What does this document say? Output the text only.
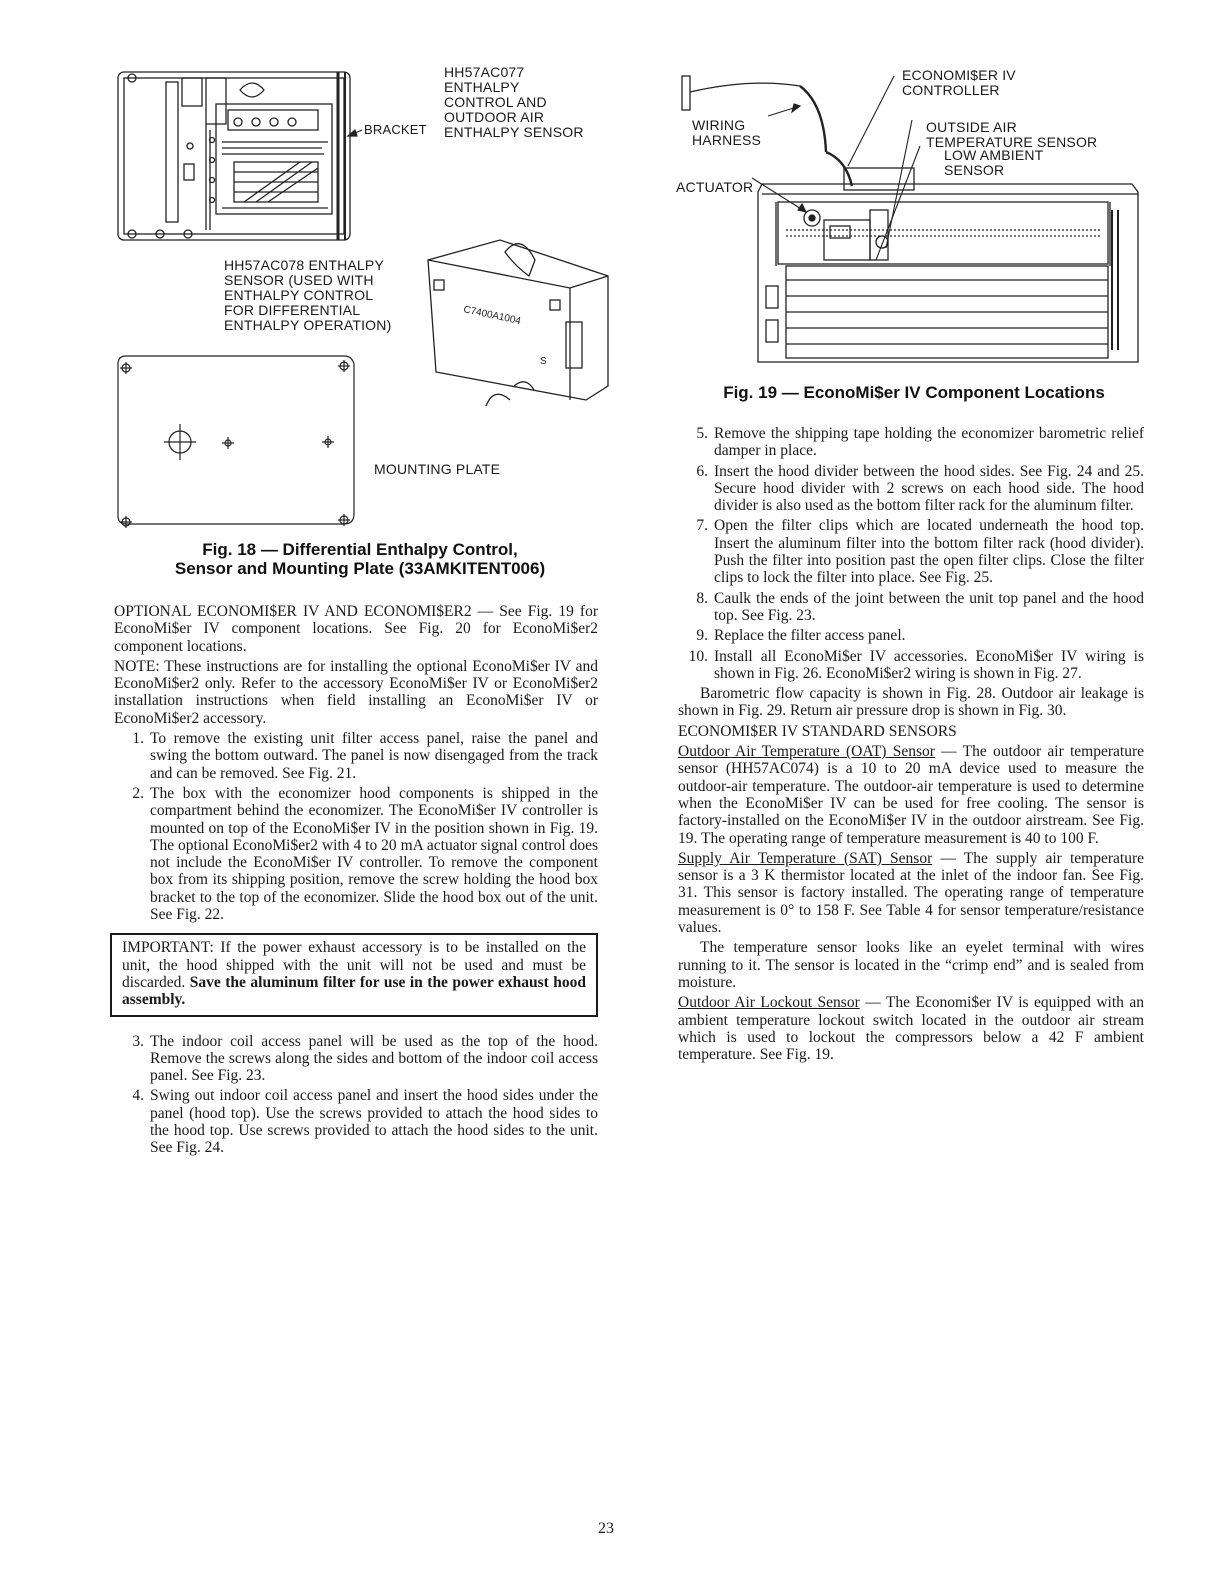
C7400A1004
S
HH57AC077
ENTHALPY
CONTROL AND
OUTDOOR AIR
ENTHALPY SENSOR
BRACKET
HH57AC078 ENTHALPY
SENSOR (USED WITH
ENTHALPY CONTROL
FOR DIFFERENTIAL
ENTHALPY OPERATION)
MOUNTING PLATE
Fig. 18 — Differential Enthalpy Control,
Sensor and Mounting Plate (33AMKITENT006)
ECONOMI$ER IV
CONTROLLER
WIRING
HARNESS
OUTSIDE AIR
TEMPERATURE SENSOR
LOW AMBIENT
SENSOR
ACTUATOR
Fig. 19 — EconoMi$er IV Component Locations

OPTIONAL ECONOMI$ER IV AND ECONOMI$ER2 — See Fig. 19 for EconoMi$er IV component locations. See Fig. 20 for EconoMi$er2 component locations.

NOTE: These instructions are for installing the optional EconoMi$er IV and EconoMi$er2 only. Refer to the accessory EconoMi$er IV or EconoMi$er2 installation instructions when field installing an EconoMi$er IV or EconoMi$er2 accessory.

1. To remove the existing unit filter access panel, raise the panel and swing the bottom outward. The panel is now disengaged from the track and can be removed. See Fig. 21.
2. The box with the economizer hood components is shipped in the compartment behind the economizer. The EconoMi$er IV controller is mounted on top of the EconoMi$er IV in the position shown in Fig. 19. The optional EconoMi$er2 with 4 to 20 mA actuator signal control does not include the EconoMi$er IV controller. To remove the component box from its shipping position, remove the screw holding the hood box bracket to the top of the economizer. Slide the hood box out of the unit. See Fig. 22.
IMPORTANT: If the power exhaust accessory is to be installed on the unit, the hood shipped with the unit will not be used and must be discarded. Save the aluminum filter for use in the power exhaust hood assembly.
3. The indoor coil access panel will be used as the top of the hood. Remove the screws along the sides and bottom of the indoor coil access panel. See Fig. 23.
4. Swing out indoor coil access panel and insert the hood sides under the panel (hood top). Use the screws provided to attach the hood sides to the hood top. Use screws provided to attach the hood sides to the unit. See Fig. 24.
5. Remove the shipping tape holding the economizer barometric relief damper in place.
6. Insert the hood divider between the hood sides. See Fig. 24 and 25. Secure hood divider with 2 screws on each hood side. The hood divider is also used as the bottom filter rack for the aluminum filter.
7. Open the filter clips which are located underneath the hood top. Insert the aluminum filter into the bottom filter rack (hood divider). Push the filter into position past the open filter clips. Close the filter clips to lock the filter into place. See Fig. 25.
8. Caulk the ends of the joint between the unit top panel and the hood top. See Fig. 23.
9. Replace the filter access panel.
10. Install all EconoMi$er IV accessories. EconoMi$er IV wiring is shown in Fig. 26. EconoMi$er2 wiring is shown in Fig. 27.

Barometric flow capacity is shown in Fig. 28. Outdoor air leakage is shown in Fig. 29. Return air pressure drop is shown in Fig. 30.

ECONOMI$ER IV STANDARD SENSORS

Outdoor Air Temperature (OAT) Sensor — The outdoor air temperature sensor (HH57AC074) is a 10 to 20 mA device used to measure the outdoor-air temperature. The outdoor-air temperature is used to determine when the EconoMi$er IV can be used for free cooling. The sensor is factory-installed on the EconoMi$er IV in the outdoor airstream. See Fig. 19. The operating range of temperature measurement is 40 to 100 F.

Supply Air Temperature (SAT) Sensor — The supply air temperature sensor is a 3 K thermistor located at the inlet of the indoor fan. See Fig. 31. This sensor is factory installed. The operating range of temperature measurement is 0° to 158 F. See Table 4 for sensor temperature/resistance values.

The temperature sensor looks like an eyelet terminal with wires running to it. The sensor is located in the “crimp end” and is sealed from moisture.

Outdoor Air Lockout Sensor — The Economi$er IV is equipped with an ambient temperature lockout switch located in the outdoor air stream which is used to lockout the compressors below a 42 F ambient temperature. See Fig. 19.

23
